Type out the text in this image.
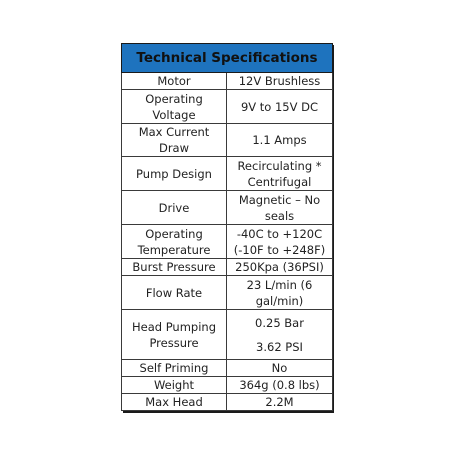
Technical Specifications	
Motor	12V Brushless
Operating Voltage	9V to 15V DC
Max Current Draw	1.1 Amps
Pump Design	Recirculating *
Centrifugal

Drive	Magnetic – No
seals

Operating
Temperature	-40C to +120C
(-10F to +248F)

Burst Pressure	250Kpa (36PSI)
Flow Rate	23 L/min (6
gal/min)

Head Pumping
Pressure	0.25 Bar
3.62 PSI

Self Priming	No
Weight	364g (0.8 lbs)
Max Head	2.2M
